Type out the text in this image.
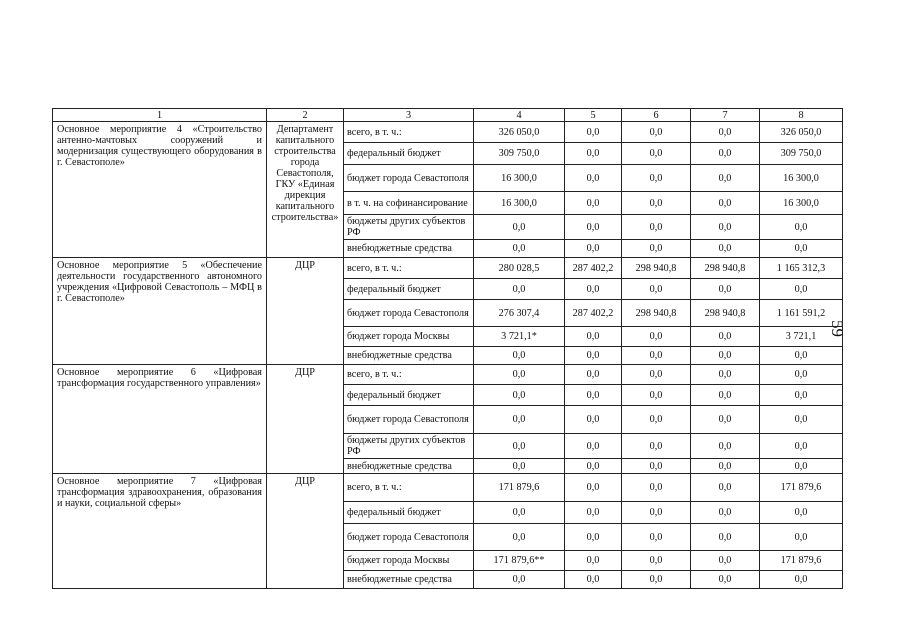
59
1	2	3	4	5	6	7	8
Основное мероприятие 4 «Строительство антенно-мачтовых сооружений и модернизация существующего оборудования в г. Севастополе»	Департамент капитального строительства города Севастополя, ГКУ «Единая дирекция капитального строительства»	всего, в т. ч.:	326 050,0	0,0	0,0	0,0	326 050,0
		федеральный бюджет	309 750,0	0,0	0,0	0,0	309 750,0
		бюджет города Севастополя	16 300,0	0,0	0,0	0,0	16 300,0
		в т. ч. на софинансирование	16 300,0	0,0	0,0	0,0	16 300,0
		бюджеты других субъектов РФ	0,0	0,0	0,0	0,0	0,0
		внебюджетные средства	0,0	0,0	0,0	0,0	0,0
Основное мероприятие 5 «Обеспечение деятельности государственного автономного учреждения «Цифровой Севастополь – МФЦ в г. Севастополе»	ДЦР	всего, в т. ч.:	280 028,5	287 402,2	298 940,8	298 940,8	1 165 312,3
		федеральный бюджет	0,0	0,0	0,0	0,0	0,0
		бюджет города Севастополя	276 307,4	287 402,2	298 940,8	298 940,8	1 161 591,2
		бюджет города Москвы	3 721,1*	0,0	0,0	0,0	3 721,1
		внебюджетные средства	0,0	0,0	0,0	0,0	0,0
Основное мероприятие 6 «Цифровая трансформация государственного управления»	ДЦР	всего, в т. ч.:	0,0	0,0	0,0	0,0	0,0
		федеральный бюджет	0,0	0,0	0,0	0,0	0,0
		бюджет города Севастополя	0,0	0,0	0,0	0,0	0,0
		бюджеты других субъектов РФ	0,0	0,0	0,0	0,0	0,0
		внебюджетные средства	0,0	0,0	0,0	0,0	0,0
Основное мероприятие 7 «Цифровая трансформация здравоохранения, образования и науки, социальной сферы»	ДЦР	всего, в т. ч.:	171 879,6	0,0	0,0	0,0	171 879,6
		федеральный бюджет	0,0	0,0	0,0	0,0	0,0
		бюджет города Севастополя	0,0	0,0	0,0	0,0	0,0
		бюджет города Москвы	171 879,6**	0,0	0,0	0,0	171 879,6
		внебюджетные средства	0,0	0,0	0,0	0,0	0,0
